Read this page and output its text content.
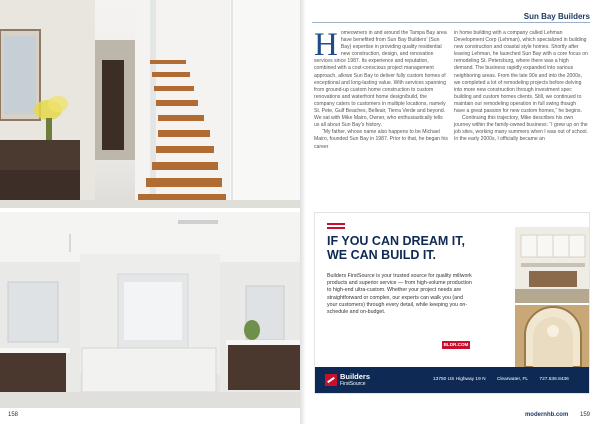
158
Sun Bay Builders
H omeowners in and around the Tampa Bay area have benefited from Sun Bay Builders’ (Sun Bay) expertise in providing quality residential new construction, design, and renovation services since 1987. Its experience and reputation, combined with a cost-conscious project management approach, allows Sun Bay to deliver fully custom homes of exceptional and long-lasting value. With services spanning from ground-up custom home construction to custom renovations and waterfront home design/build, the company caters to customers in multiple locations, namely St. Pete, Gulf Beaches, Belleair, Tierra Verde and beyond. We sat with Mike Mairo, Owner, who enthusiastically tells us all about Sun Bay’s history.

“My father, whose name also happens to be Michael Mairo, founded Sun Bay in 1987. Prior to that, he began his career

in home building with a company called Lehman Development Corp (Lehman), which specialized in building new construction and coastal style homes. Shortly after leaving Lehman, he launched Sun Bay with a core focus on remodeling St. Petersburg, where there was a high demand. The business rapidly expanded into various neighboring areas. From the late 90s and into the 2000s, we completed a lot of remodeling projects before delving into more new construction through investment spec building and custom homes clients. Still, we continued to maintain our remodeling operation in full swing though have a great passion for new custom homes,” he begins.

Continuing this trajectory, Mike describes his own journey within the family-owned business: “I grew up on the job sites, working many summers when I was out of school. In the early 2000s, I officially became an

modernhb.com 159
IF YOU CAN DREAM IT,
WE CAN BUILD IT.
Builders FirstSource is your trusted source for quality millwork products and superior service — from high-volume production to high-end ultra-custom. Whether your project needs are straightforward or complex, our experts can walk you (and your customers) through every detail, while keeping you on-schedule and on-budget.
BLDR.COM
Builders
FirstSource
13750 US Highway 19 N Clearwater, FL 727.536.8436
